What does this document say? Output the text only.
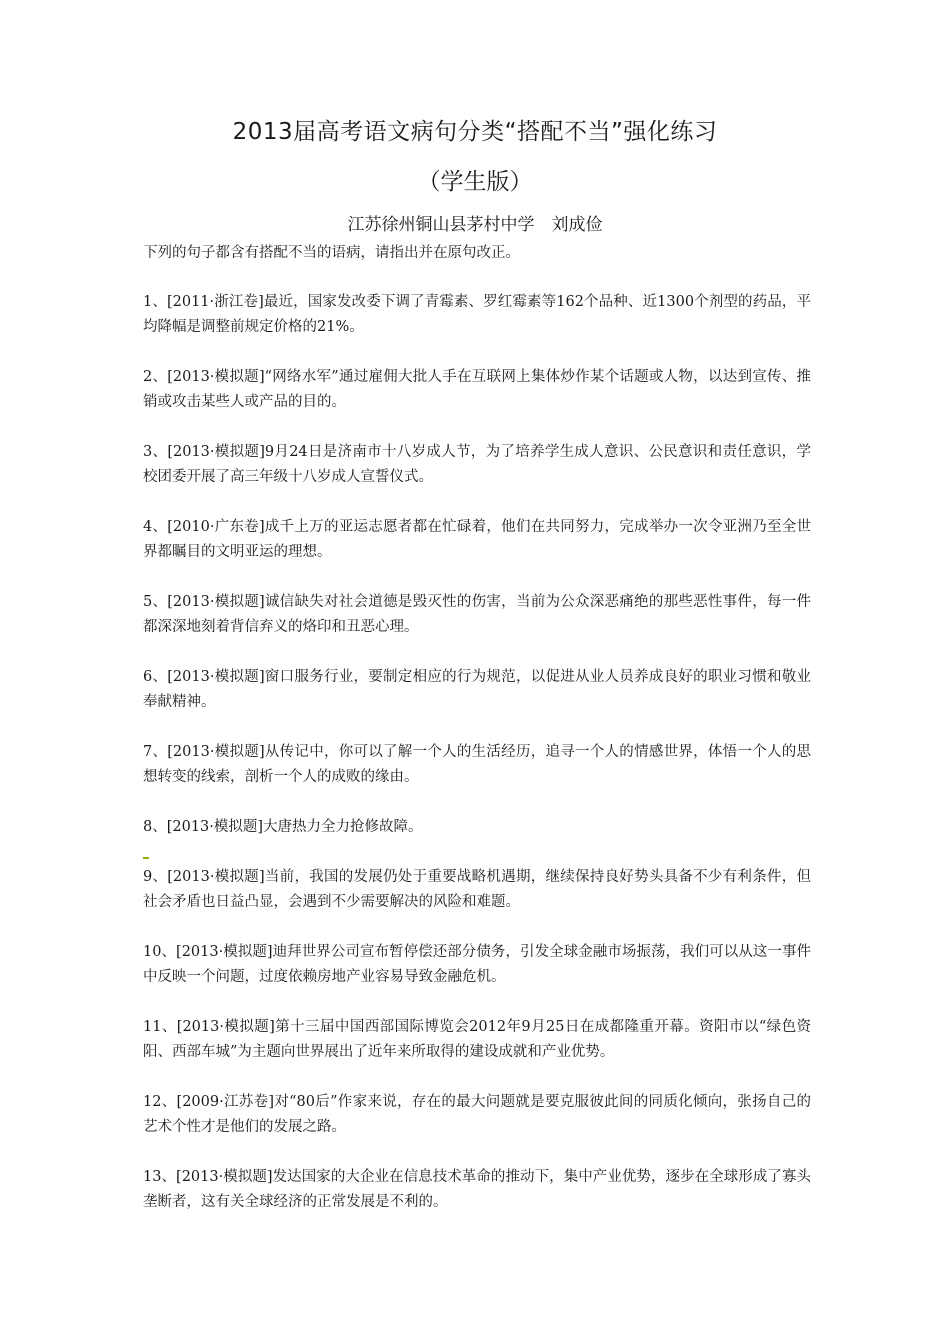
2013届高考语文病句分类“搭配不当”强化练习
（学生版）

江苏徐州铜山县茅村中学　刘成俭

下列的句子都含有搭配不当的语病，请指出并在原句改正。

1、[2011·浙江卷]最近，国家发改委下调了青霉素、罗红霉素等162个品种、近1300个剂型的药品，平均降幅是调整前规定价格的21%。
2、[2013·模拟题]“网络水军”通过雇佣大批人手在互联网上集体炒作某个话题或人物，以达到宣传、推销或攻击某些人或产品的目的。
3、[2013·模拟题]9月24日是济南市十八岁成人节，为了培养学生成人意识、公民意识和责任意识，学校团委开展了高三年级十八岁成人宣誓仪式。
4、[2010·广东卷]成千上万的亚运志愿者都在忙碌着，他们在共同努力，完成举办一次令亚洲乃至全世界都瞩目的文明亚运的理想。
5、[2013·模拟题]诚信缺失对社会道德是毁灭性的伤害，当前为公众深恶痛绝的那些恶性事件，每一件都深深地刻着背信弃义的烙印和丑恶心理。
6、[2013·模拟题]窗口服务行业，要制定相应的行为规范，以促进从业人员养成良好的职业习惯和敬业奉献精神。
7、[2013·模拟题]从传记中，你可以了解一个人的生活经历，追寻一个人的情感世界，体悟一个人的思想转变的线索，剖析一个人的成败的缘由。
8、[2013·模拟题]大唐热力全力抢修故障。
9、[2013·模拟题]当前，我国的发展仍处于重要战略机遇期，继续保持良好势头具备不少有利条件，但社会矛盾也日益凸显，会遇到不少需要解决的风险和难题。
10、[2013·模拟题]迪拜世界公司宣布暂停偿还部分债务，引发全球金融市场振荡，我们可以从这一事件中反映一个问题，过度依赖房地产业容易导致金融危机。
11、[2013·模拟题]第十三届中国西部国际博览会2012年9月25日在成都隆重开幕。资阳市以“绿色资阳、西部车城”为主题向世界展出了近年来所取得的建设成就和产业优势。
12、[2009·江苏卷]对“80后”作家来说，存在的最大问题就是要克服彼此间的同质化倾向，张扬自己的艺术个性才是他们的发展之路。
13、[2013·模拟题]发达国家的大企业在信息技术革命的推动下，集中产业优势，逐步在全球形成了寡头垄断者，这有关全球经济的正常发展是不利的。
